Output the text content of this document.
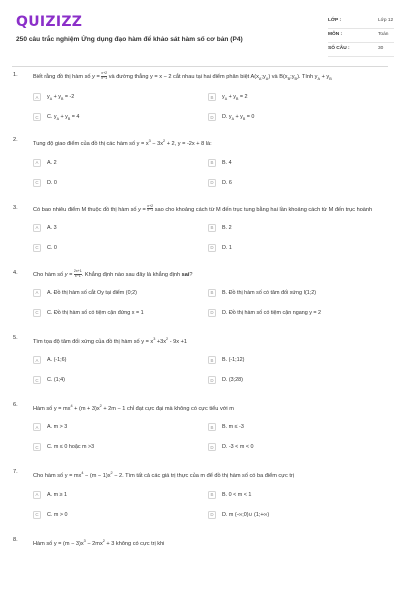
QUIZIZZ
250 câu trắc nghiệm Ứng dụng đạo hàm để khảo sát hàm số cơ bản (P4)
LỚP :	Lớp 12
MÔN :	Toán
SỐ CÂU :	30
1.	Biết rằng đồ thị hàm số $y = \frac{x+2}{x-1}$ và đường thẳng y = x − 2 cắt nhau tại hai điểm phân biệt $A(x_A;y_A)$ và $B(x_B;y_B)$. Tính $y_A + y_B$
A	$y_A + y_B = -2$	B	$y_A + y_B = 2$
C	C. $y_A + y_B = 4$	D	D. $y_A + y_B = 0$
2.
Tung độ giao điểm của đồ thị các hàm số $y = x^3 - 3x^2 + 2$, y = -2x + 8 là:
A	A. 2	B	B. 4
C	D. 0	D	D. 6
3.	Có bao nhiêu điểm M thuộc đồ thị hàm số $y = \frac{x+2}{x-1}$ sao cho khoảng cách từ M đến trục tung bằng hai lần khoảng cách từ M đến trục hoành
A	A. 3	B	B. 2
C	C. 0	D	D. 1
4.	Cho hàm số $y = \frac{2x+1}{x-1}$ . Khẳng định nào sau đây là khẳng định sai?
A	A. Đồ thị hàm số cắt Oy tại điểm (0;2)	B	B. Đồ thị hàm số có tâm đối xứng I(1;2)
C	C. Đồ thị hàm số có tiệm cận đứng x = 1	D	D. Đồ thị hàm số có tiệm cận ngang y = 2
5.
Tìm tọa độ tâm đối xứng của đồ thị hàm số $y = x^3 +3x^2 - 9x +1$
A	A. (-1;6)	B	B. (-1;12)
C	C. (1;4)	D	D. (3;28)
6.
Hàm số $y = mx^4 + (m + 3)x^2 + 2m - 1$ chỉ đạt cực đại mà không có cực tiểu với m
A	A. m > 3	B	B. m ≤ -3
C	C. m ≤ 0 hoặc m >3	D	D. -3 < m < 0
7.
Cho hàm số $y = mx^4 - (m - 1)x^2 - 2$. Tìm tất cả các giá trị thực của m để đồ thị hàm số có ba điểm cực trị
A	A. m ≥ 1	B	B. 0 < m < 1
C	C. m > 0	D	D. m (-∞;0)∪ (1;+∞)
8.
Hàm số $y = (m - 3)x^3 - 2mx^2 + 3$ không có cực trị khi
